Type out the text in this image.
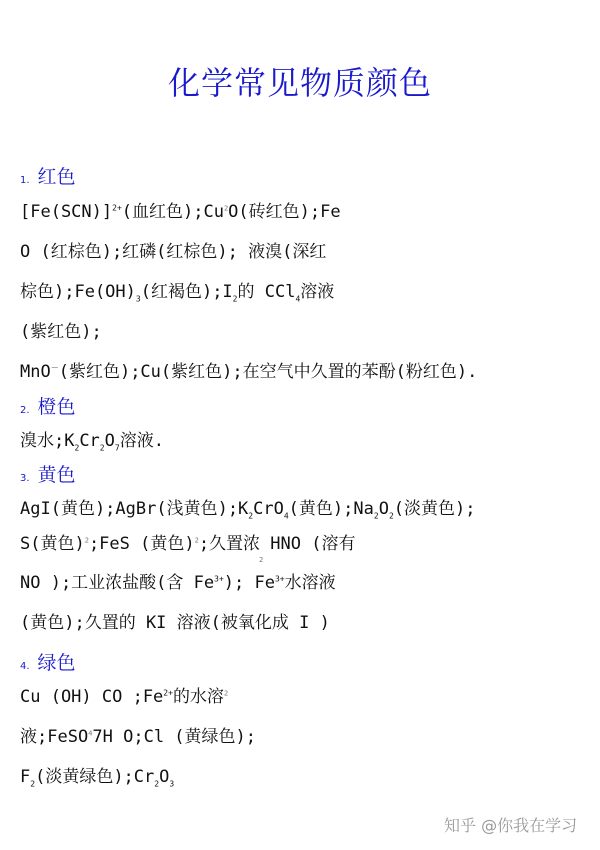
化学常见物质颜色
1. 红色
$[Fe(SCN)]^{2+}$(血红色);Cu$^2$O(砖红色);Fe
O (红棕色);红磷(红棕色); 液溴(深红
棕色)$;Fe(OH)_3$(红褐色)$;I_2$的 CCl$_4$溶液
(紫红色);
MnO－(紫红色);Cu(紫红色);在空气中久置的苯酚(粉红色).
2. 橙色
溴水$;K_2Cr_2O_7$溶液.
3. 黄色
AgI(黄色);AgBr(浅黄色)$;K_2CrO_4$(黄色)$;Na_2O_2$(淡黄色);
S(黄色)$^2$;FeS (黄色)$^2$;久置浓 HNO (溶有
2
NO );工业浓盐酸(含 $Fe^{3+}$); $Fe^{3+}$水溶液
(黄色);久置的 KI 溶液(被氧化成 I )
4. 绿色
Cu (OH) CO $;Fe^{2+}$的水溶$^2$
液;FeSO$^4$7H O;Cl (黄绿色);
$F_2$(淡黄绿色)$;Cr_2O_3$
知乎 @你我在学习
